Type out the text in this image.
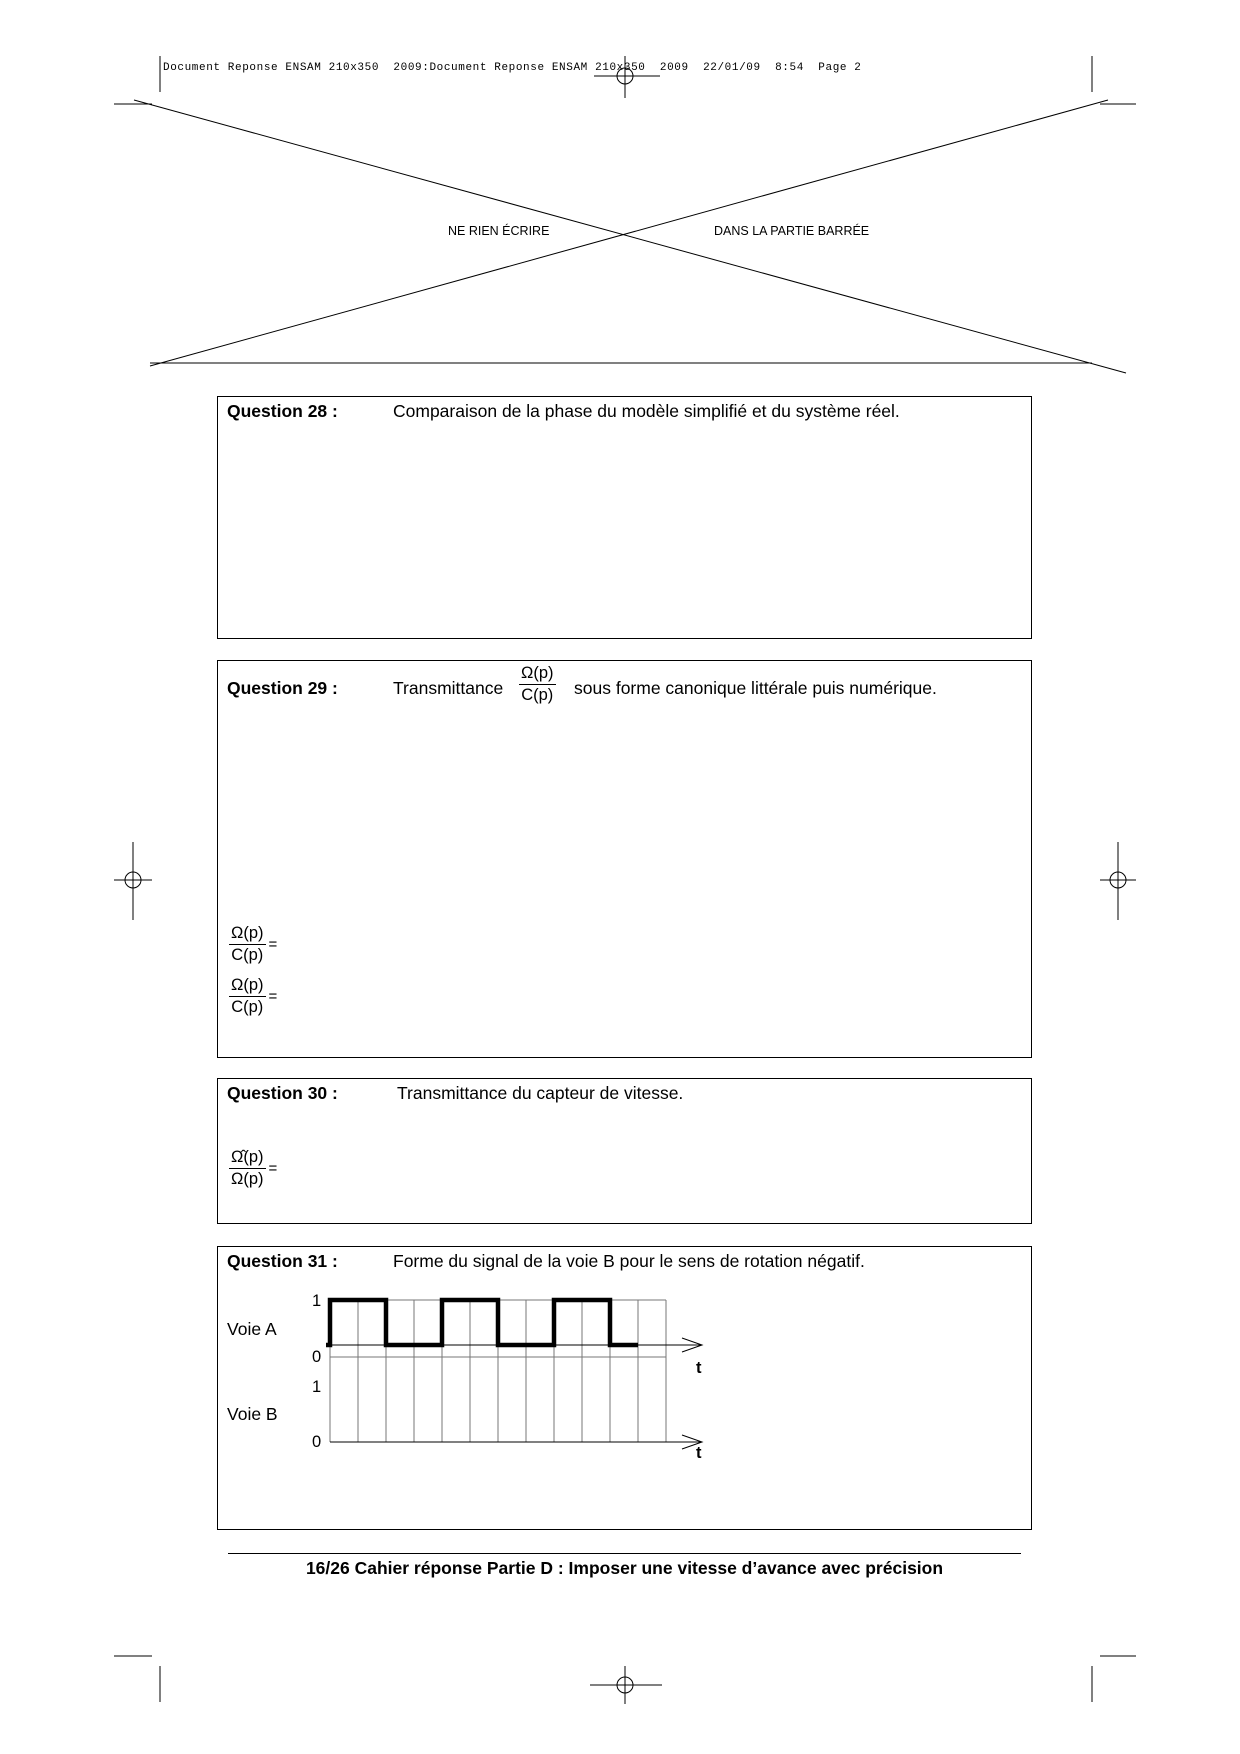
Document Reponse ENSAM 210x350  2009:Document Reponse ENSAM 210x350  2009  22/01/09  8:54  Page 2
NE RIEN ÉCRIRE	DANS LA PARTIE BARRÉE
Question 28 :	Comparaison de la phase du modèle simplifié et du système réel.
Question 29 :	Transmittance $\frac{\Omega(p)}{C(p)}$ sous forme canonique littérale puis numérique.
$\frac{\Omega(p)}{C(p)}$ =
$\frac{\Omega(p)}{C(p)}$ =
Question 30 :	Transmittance du capteur de vitesse.
$\frac{\Omegâ(p)}{\Omega(p)}$ =
Question 31 :	Forme du signal de la voie B pour le sens de rotation négatif.
Voie A
Voie B
1
0
1
0
t
t
16/26 Cahier réponse Partie D : Imposer une vitesse d’avance avec précision
